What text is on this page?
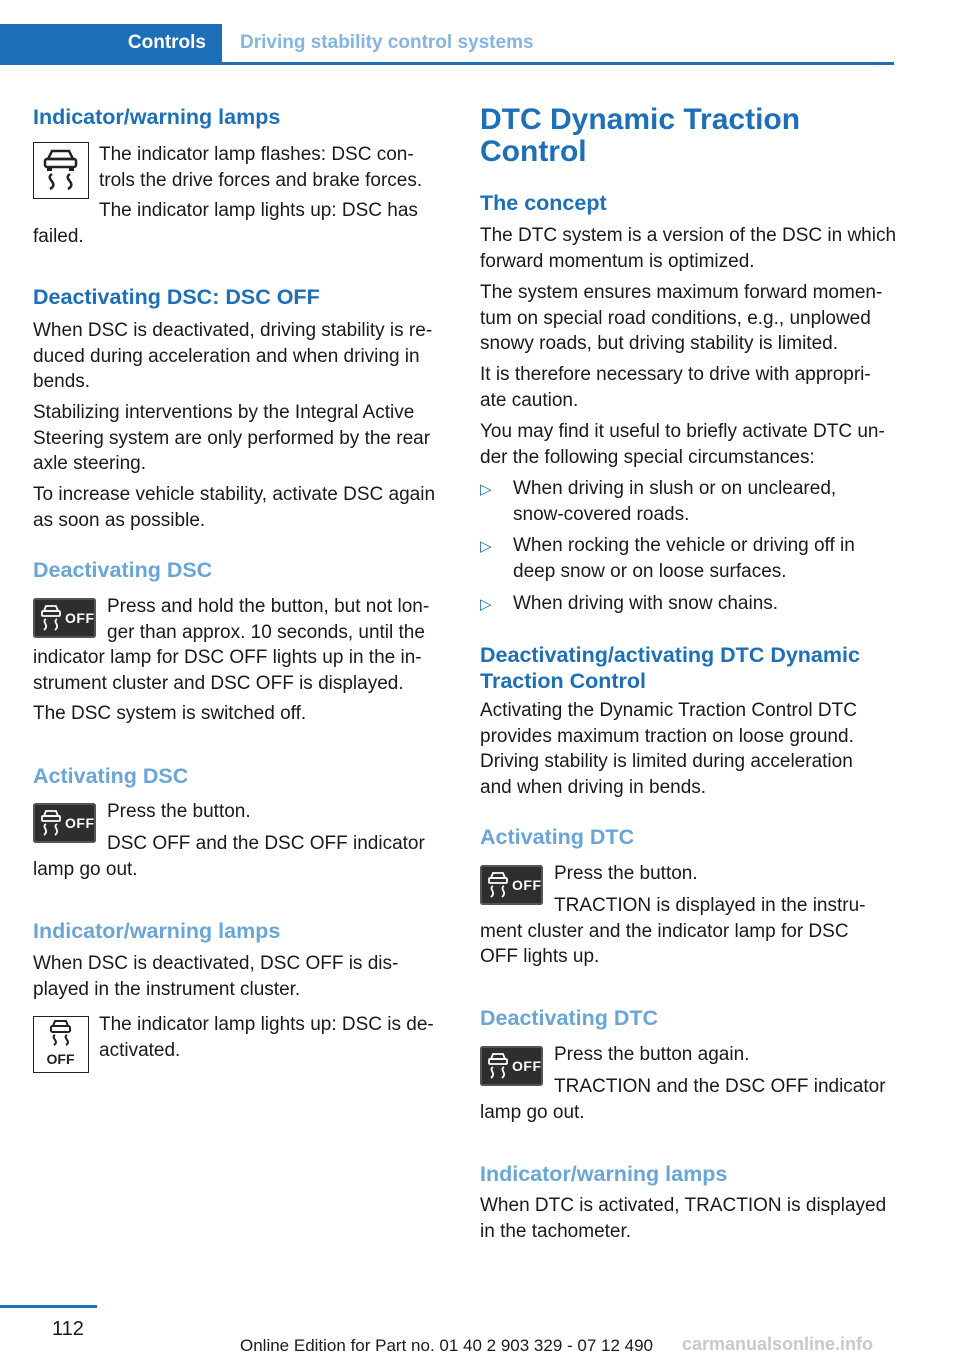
Controls	Driving stability control systems
Indicator/warning lamps
The indicator lamp flashes: DSC con-
trols the drive forces and brake forces.
The indicator lamp lights up: DSC has
failed.
Deactivating DSC: DSC OFF
When DSC is deactivated, driving stability is re-
duced during acceleration and when driving in
bends.
Stabilizing interventions by the Integral Active
Steering system are only performed by the rear
axle steering.
To increase vehicle stability, activate DSC again
as soon as possible.
Deactivating DSC
OFF
Press and hold the button, but not lon-
ger than approx. 10 seconds, until the
indicator lamp for DSC OFF lights up in the in-
strument cluster and DSC OFF is displayed.
The DSC system is switched off.
Activating DSC
OFF
Press the button.
DSC OFF and the DSC OFF indicator
lamp go out.
Indicator/warning lamps
When DSC is deactivated, DSC OFF is dis-
played in the instrument cluster.
OFF
The indicator lamp lights up: DSC is de-
activated.
DTC Dynamic Traction
Control
The concept
The DTC system is a version of the DSC in which
forward momentum is optimized.
The system ensures maximum forward momen-
tum on special road conditions, e.g., unplowed
snowy roads, but driving stability is limited.
It is therefore necessary to drive with appropri-
ate caution.
You may find it useful to briefly activate DTC un-
der the following special circumstances:
▷ When driving in slush or on uncleared,
snow-covered roads.
▷ When rocking the vehicle or driving off in
deep snow or on loose surfaces.
▷ When driving with snow chains.
Deactivating/activating DTC Dynamic
Traction Control
Activating the Dynamic Traction Control DTC
provides maximum traction on loose ground.
Driving stability is limited during acceleration
and when driving in bends.
Activating DTC
OFF
Press the button.
TRACTION is displayed in the instru-
ment cluster and the indicator lamp for DSC
OFF lights up.
Deactivating DTC
OFF
Press the button again.
TRACTION and the DSC OFF indicator
lamp go out.
Indicator/warning lamps
When DTC is activated, TRACTION is displayed
in the tachometer.
112
Online Edition for Part no. 01 40 2 903 329 - 07 12 490 carmanualsonline.info
